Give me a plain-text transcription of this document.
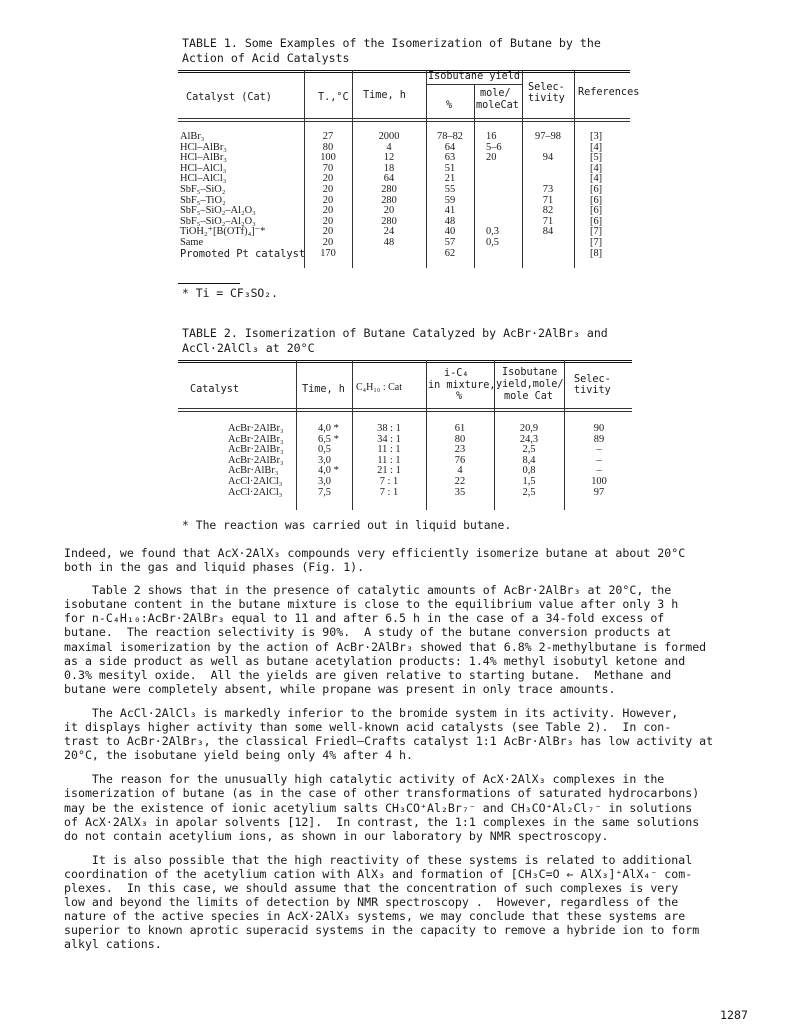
TABLE 1. Some Examples of the Isomerization of Butane by the
Action of Acid Catalysts
Catalyst (Cat)	T.,°C Time, h
Isobutane yield
%
mole/
moleCat
Selec-
tivity
References
AlBr₃
HCl–AlBr₃
HCl–AlBr₃
HCl–AlCl₃
HCl–AlCl₃
SbF₅–SiO₂
SbF₅–TiO₂
SbF₅–SiO₂–Al₂O₃
SbF₅–SiO₂–Al₂O₃
TiOH₂⁺[B(OTf)₄]⁻*
Same
Promoted Pt catalyst
27
80
100
70
20
20
20
20
20
20
20
170
2000
4
12
18
64
280
280
20
280
24
48
78–82
64
63
51
21
55
59
41
48
40
57
62
16
5–6
20
0,3
0,5
97–98
94
73
71
82
71
84
[3]
[4]
[5]
[4]
[4]
[6]
[6]
[6]
[6]
[7]
[7]
[8]
* Ti = CF₃SO₂.
TABLE 2. Isomerization of Butane Catalyzed by AcBr·2AlBr₃ and
AcCl·2AlCl₃ at 20°C
Catalyst	Time, h C₄H₁₀ : Cat
i-C₄
in mixture,
%
Isobutane
yield,mole/
mole Cat
Selec-
tivity
AcBr·2AlBr₃
AcBr·2AlBr₃
AcBr·2AlBr₃
AcBr·2AlBr₃
AcBr·AlBr₃
AcCl·2AlCl₃
AcCl·2AlCl₃
4,0 *
6,5 *
0,5
3,0
4,0 *
3,0
7,5
38 : 1
34 : 1
11 : 1
11 : 1
21 : 1
7 : 1
7 : 1
61
80
23
76
4
22
35
20,9
24,3
2,5
8,4
0,8
1,5
2,5
90
89
–
–
–
100
97
* The reaction was carried out in liquid butane.

Indeed, we found that AcX·2AlX₃ compounds very efficiently isomerize butane at about 20°C

both in the gas and liquid phases (Fig. 1).

Table 2 shows that in the presence of catalytic amounts of AcBr·2AlBr₃ at 20°C, the

isobutane content in the butane mixture is close to the equilibrium value after only 3 h

for n-C₄H₁₀:AcBr·2AlBr₃ equal to 11 and after 6.5 h in the case of a 34-fold excess of

butane.  The reaction selectivity is 90%.  A study of the butane conversion products at

maximal isomerization by the action of AcBr·2AlBr₃ showed that 6.8% 2-methylbutane is formed

as a side product as well as butane acetylation products: 1.4% methyl isobutyl ketone and

0.3% mesityl oxide.  All the yields are given relative to starting butane.  Methane and

butane were completely absent, while propane was present in only trace amounts.

The AcCl·2AlCl₃ is markedly inferior to the bromide system in its activity. However,

it displays higher activity than some well-known acid catalysts (see Table 2).  In con-

trast to AcBr·2AlBr₃, the classical Friedl–Crafts catalyst 1:1 AcBr·AlBr₃ has low activity at

20°C, the isobutane yield being only 4% after 4 h.

The reason for the unusually high catalytic activity of AcX·2AlX₃ complexes in the

isomerization of butane (as in the case of other transformations of saturated hydrocarbons)

may be the existence of ionic acetylium salts CH₃CO⁺Al₂Br₇⁻ and CH₃CO⁺Al₂Cl₇⁻ in solutions

of AcX·2AlX₃ in apolar solvents [12].  In contrast, the 1:1 complexes in the same solutions

do not contain acetylium ions, as shown in our laboratory by NMR spectroscopy.

It is also possible that the high reactivity of these systems is related to additional

coordination of the acetylium cation with AlX₃ and formation of [CH₃C=O ← AlX₃]⁺AlX₄⁻ com-

plexes.  In this case, we should assume that the concentration of such complexes is very

low and beyond the limits of detection by NMR spectroscopy .  However, regardless of the

nature of the active species in AcX·2AlX₃ systems, we may conclude that these systems are

superior to known aprotic superacid systems in the capacity to remove a hybride ion to form

alkyl cations.

1287
